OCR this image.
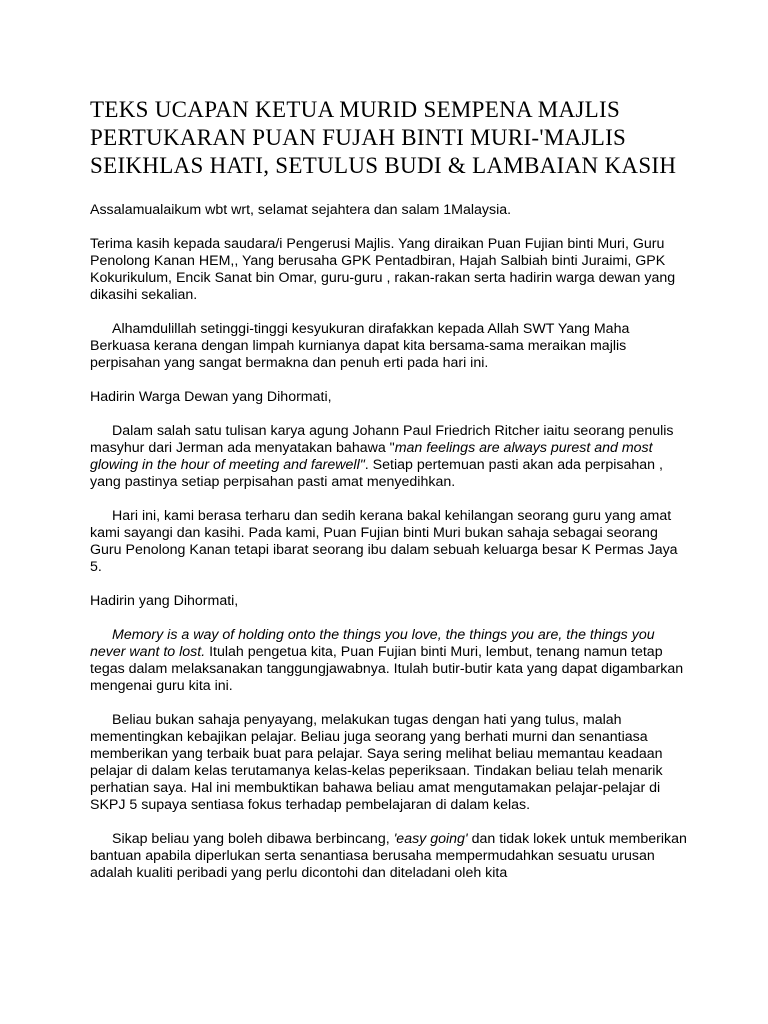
TEKS UCAPAN KETUA MURID SEMPENA MAJLIS
PERTUKARAN PUAN FUJAH BINTI MURI-'MAJLIS
SEIKHLAS HATI, SETULUS BUDI & LAMBAIAN KASIH

Assalamualaikum wbt wrt, selamat sejahtera dan salam 1Malaysia.

Terima kasih kepada saudara/i Pengerusi Majlis. Yang diraikan Puan Fujian binti Muri, Guru Penolong Kanan HEM,, Yang berusaha GPK Pentadbiran, Hajah Salbiah binti Juraimi, GPK Kokurikulum, Encik Sanat bin Omar, guru-guru , rakan-rakan serta hadirin warga dewan yang dikasihi sekalian.

Alhamdulillah setinggi-tinggi kesyukuran dirafakkan kepada Allah SWT Yang Maha Berkuasa kerana dengan limpah kurnianya dapat kita bersama-sama meraikan majlis perpisahan yang sangat bermakna dan penuh erti pada hari ini.

Hadirin Warga Dewan yang Dihormati,

Dalam salah satu tulisan karya agung Johann Paul Friedrich Ritcher iaitu seorang penulis masyhur dari Jerman ada menyatakan bahawa "man feelings are always purest and most glowing in the hour of meeting and farewell". Setiap pertemuan pasti akan ada perpisahan , yang pastinya setiap perpisahan pasti amat menyedihkan.

Hari ini, kami berasa terharu dan sedih kerana bakal kehilangan seorang guru yang amat kami sayangi dan kasihi. Pada kami, Puan Fujian binti Muri bukan sahaja sebagai seorang Guru Penolong Kanan tetapi ibarat seorang ibu dalam sebuah keluarga besar K Permas Jaya 5.

Hadirin yang Dihormati,

Memory is a way of holding onto the things you love, the things you are, the things you never want to lost. Itulah pengetua kita, Puan Fujian binti Muri, lembut, tenang namun tetap tegas dalam melaksanakan tanggungjawabnya. Itulah butir-butir kata yang dapat digambarkan mengenai guru kita ini.

Beliau bukan sahaja penyayang, melakukan tugas dengan hati yang tulus, malah mementingkan kebajikan pelajar. Beliau juga seorang yang berhati murni dan senantiasa memberikan yang terbaik buat para pelajar. Saya sering melihat beliau memantau keadaan pelajar di dalam kelas terutamanya kelas-kelas peperiksaan. Tindakan beliau telah menarik perhatian saya. Hal ini membuktikan bahawa beliau amat mengutamakan pelajar-pelajar di SKPJ 5 supaya sentiasa fokus terhadap pembelajaran di dalam kelas.

Sikap beliau yang boleh dibawa berbincang, 'easy going' dan tidak lokek untuk memberikan bantuan apabila diperlukan serta senantiasa berusaha mempermudahkan sesuatu urusan adalah kualiti peribadi yang perlu dicontohi dan diteladani oleh kita
